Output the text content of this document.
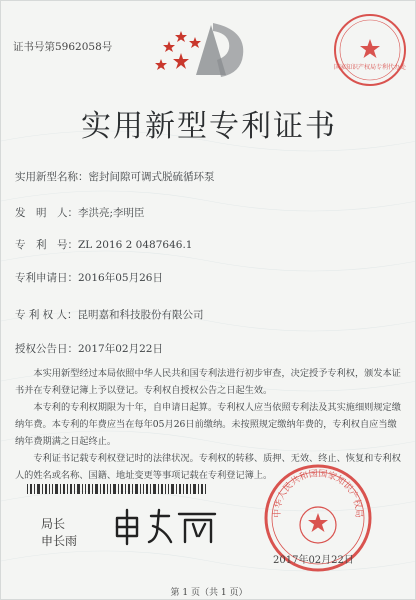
证书号第5962058号
国家知识产权局专利代办处
实用新型专利证书
实用新型名称：密封间隙可调式脱硫循环泵
发　明　人：李洪亮;李明臣
专　利　号：ZL 2016 2 0487646.1
专利申请日：2016年05月26日
专 利 权 人：昆明嘉和科技股份有限公司
授权公告日：2017年02月22日

本实用新型经过本局依照中华人民共和国专利法进行初步审查，决定授予专利权，颁发本证书并在专利登记簿上予以登记。专利权自授权公告之日起生效。

本专利的专利权期限为十年，自申请日起算。专利权人应当依照专利法及其实施细则规定缴纳年费。本专利的年费应当在每年05月26日前缴纳。未按照规定缴纳年费的，专利权自应当缴纳年费期满之日起终止。

专利证书记载专利权登记时的法律状况。专利权的转移、质押、无效、终止、恢复和专利权人的姓名或名称、国籍、地址变更等事项记载在专利登记簿上。

局长
申长雨
中华人民共和国国家知识产权局
2017年02月22日
第 1 页（共 1 页）
